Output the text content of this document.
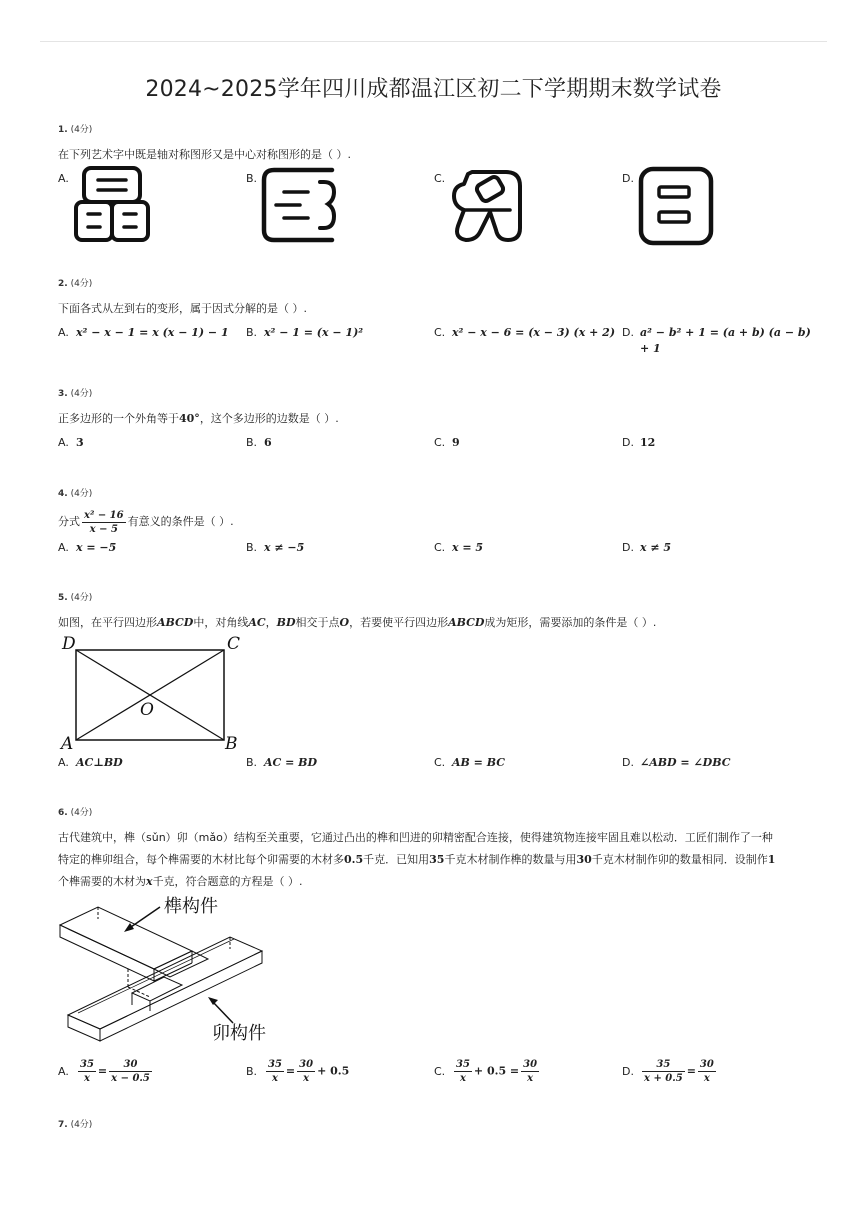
2024~2025学年四川成都温江区初二下学期期末数学试卷
1. (4分)
在下列艺术字中既是轴对称图形又是中心对称图形的是（ ）.
A.	B.	C.	D.
2. (4分)
下面各式从左到右的变形，属于因式分解的是（ ）.
A. x² − x − 1 = x (x − 1) − 1 B. x² − 1 = (x − 1)²	C. x² − x − 6 = (x − 3) (x + 2) D. a² − b² + 1 = (a + b) (a − b)
+ 1
3. (4分)
正多边形的一个外角等于40°，这个多边形的边数是（ ）.
A. 3	B. 6	C. 9	D. 12
4. (4分)
分式 $\frac{\text{x² − 16}}{x - 5}$ 有意义的条件是（ ）.
A. x = −5	B. x ≠ −5	C. x = 5	D. x ≠ 5
5. (4分)
如图，在平行四边形ABCD中，对角线AC，BD相交于点O，若要使平行四边形ABCD成为矩形，需要添加的条件是（ ）.
D	C
A	B
O
A. AC⊥BD	B. AC = BD	C. AB = BC	D. ∠ABD = ∠DBC
6. (4分)
古代建筑中，榫（sǔn）卯（mǎo）结构至关重要，它通过凸出的榫和凹进的卯精密配合连接，使得建筑物连接牢固且难以松动．工匠们制作了一种
特定的榫卯组合，每个榫需要的木材比每个卯需要的木材多0.5千克．已知用35千克木材制作榫的数量与用30千克木材制作卯的数量相同．设制作1
个榫需要的木材为x千克，符合题意的方程是（ ）.
榫构件
卯构件
A. $\frac{35}{x} = \frac{30}{x - 0.5}$	B. $\frac{35}{x} = \frac{30}{x} + 0.5$	C. $\frac{35}{x} + 0.5 = \frac{30}{x}$	D. $\frac{35}{x + 0.5} = \frac{30}{x}$
7. (4分)
